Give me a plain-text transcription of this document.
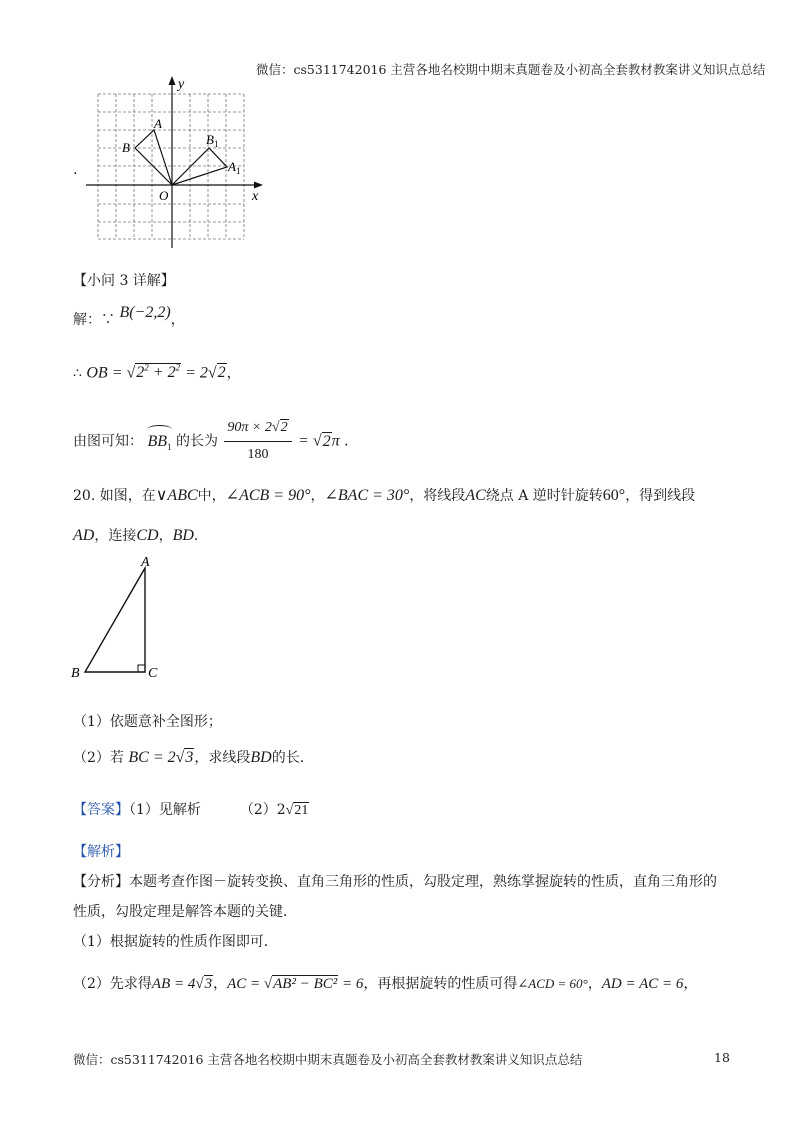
微信：cs5311742016 主营各地名校期中期末真题卷及小初高全套教材教案讲义知识点总结
.
y
x
O
A
B
$B_1$
$A_1$
【小问 3 详解】
解：∵ B(−2,2)，
∴ OB = $√2^2 + 2^2 = 2√2$，
由图可知： $BB_1$ 的长为 $\frac{90\pi \times 2√2}{180} = √2\pi$ ．
20. 如图，在∨ABC中，∠ACB = 90°，∠BAC = 30°，将线段AC绕点 A 逆时针旋转60°，得到线段
AD，连接CD，BD．
A
B	C
（1）依题意补全图形；
（2）若 BC = 2√3，求线段BD的长．
【答案】（1）见解析	（2）2√21
【解析】
【分析】本题考查作图－旋转变换、直角三角形的性质，勾股定理，熟练掌握旋转的性质，直角三角形的
性质，勾股定理是解答本题的关键．
（1）根据旋转的性质作图即可．
（2）先求得AB = 4√3，AC = √AB² − BC² = 6，再根据旋转的性质可得∠ACD = 60°，AD = AC = 6，
微信：cs5311742016 主营各地名校期中期末真题卷及小初高全套教材教案讲义知识点总结	18
